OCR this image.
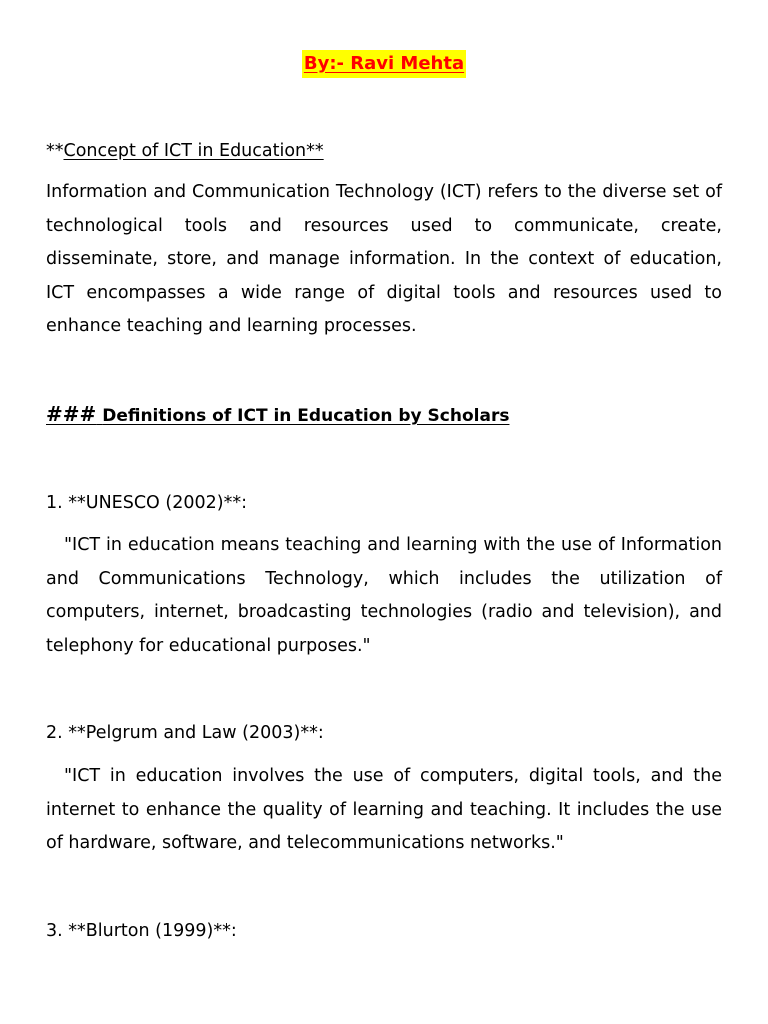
By:- Ravi Mehta
**Concept of ICT in Education**
Information and Communication Technology (ICT) refers to the diverse set of technological tools and resources used to communicate, create, disseminate, store, and manage information. In the context of education, ICT encompasses a wide range of digital tools and resources used to enhance teaching and learning processes.
### Definitions of ICT in Education by Scholars
1. **UNESCO (2002)**:
"ICT in education means teaching and learning with the use of Information and Communications Technology, which includes the utilization of computers, internet, broadcasting technologies (radio and television), and telephony for educational purposes."
2. **Pelgrum and Law (2003)**:
"ICT in education involves the use of computers, digital tools, and the internet to enhance the quality of learning and teaching. It includes the use of hardware, software, and telecommunications networks."
3. **Blurton (1999)**:
